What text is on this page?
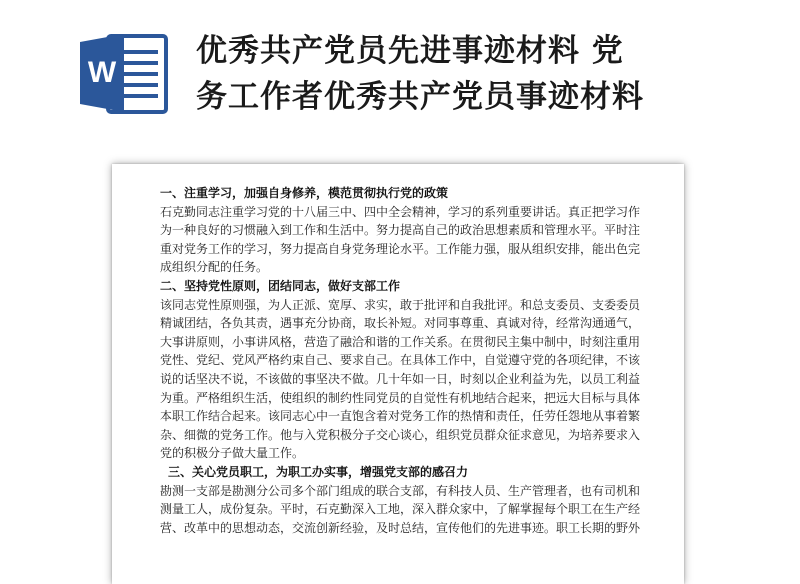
W
优秀共产党员先进事迹材料 党
务工作者优秀共产党员事迹材料
一、注重学习，加强自身修养，模范贯彻执行党的政策
石克勤同志注重学习党的十八届三中、四中全会精神，学习的系列重要讲话。真正把学习作
为一种良好的习惯融入到工作和生活中。努力提高自己的政治思想素质和管理水平。平时注
重对党务工作的学习，努力提高自身党务理论水平。工作能力强，服从组织安排，能出色完
成组织分配的任务。
二、坚持党性原则，团结同志，做好支部工作
该同志党性原则强，为人正派、宽厚、求实，敢于批评和自我批评。和总支委员、支委委员
精诚团结，各负其责，遇事充分协商，取长补短。对同事尊重、真诚对待，经常沟通通气，
大事讲原则，小事讲风格，营造了融洽和谐的工作关系。在贯彻民主集中制中，时刻注重用
党性、党纪、党风严格约束自己、要求自己。在具体工作中，自觉遵守党的各项纪律，不该
说的话坚决不说，不该做的事坚决不做。几十年如一日，时刻以企业利益为先，以员工利益
为重。严格组织生活，使组织的制约性同党员的自觉性有机地结合起来，把远大目标与具体
本职工作结合起来。该同志心中一直饱含着对党务工作的热情和责任，任劳任怨地从事着繁
杂、细微的党务工作。他与入党积极分子交心谈心，组织党员群众征求意见，为培养要求入
党的积极分子做大量工作。
三、关心党员职工，为职工办实事，增强党支部的感召力
勘测一支部是勘测分公司多个部门组成的联合支部，有科技人员、生产管理者，也有司机和
测量工人，成份复杂。平时，石克勤深入工地，深入群众家中，了解掌握每个职工在生产经
营、改革中的思想动态，交流创新经验，及时总结，宣传他们的先进事迹。职工长期的野外
